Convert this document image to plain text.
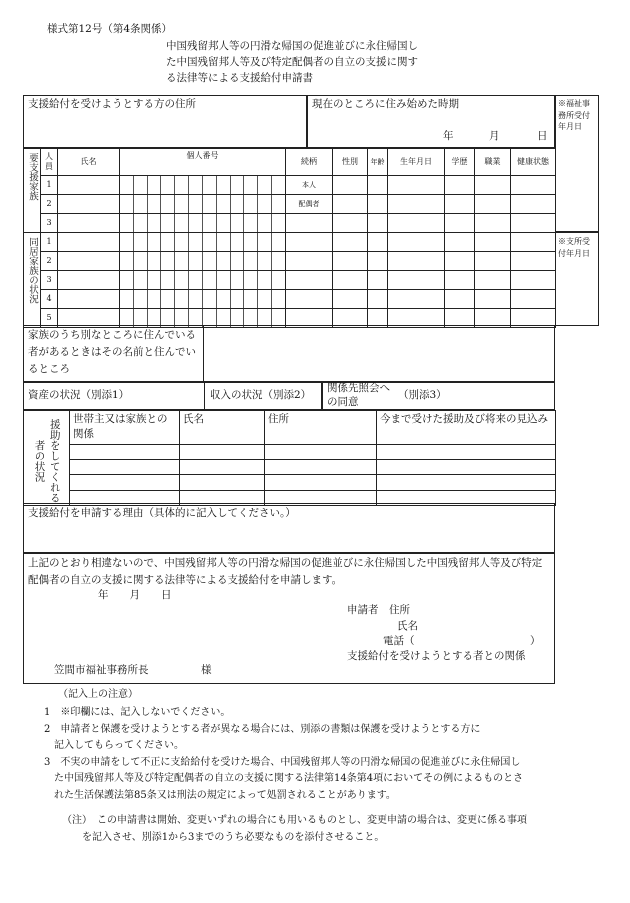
様式第12号（第4条関係）
中国残留邦人等の円滑な帰国の促進並びに永住帰国し
た中国残留邦人等及び特定配偶者の自立の支援に関す
る法律等による支援給付申請書
支援給付を受けようとする方の住所	現在のところに住み始めた時期
年	月	日
※福祉事務所受付年月日
※支所受付年月日
要支援家族	人員	氏名	個人番号	続柄	性別	年齢	生年月日	学歴	職業	健康状態
	1			本人						
	2			配偶者						
	3		

同居家族の状況	1		

	2		

	3		

	4		

	5		

家族のうち別なところに住んでいる者があるときはその名前と住んでいるところ
資産の状況（別添1）	収入の状況（別添2）
関係先照会への同意
（別添3）
援助をしてくれる者の状況	世帯主又は家族との関係	氏名	住所	今まで受けた援助及び将来の見込み

支援給付を申請する理由（具体的に記入してください。）
上記のとおり相違ないので、中国残留邦人等の円滑な帰国の促進並びに永住帰国した中国残留邦人等及び特定配偶者の自立の支援に関する法律等による支援給付を申請します。
年　　月　　日
申請者　住所
氏名
電話（　　　　　　　　　　　）
支援給付を受けようとする者との関係
笠間市福祉事務所長　　　　　様
（記入上の注意）
1　※印欄には、記入しないでください。
2　申請者と保護を受けようとする者が異なる場合には、別添の書類は保護を受けようとする方に
　記入してもらってください。
3　不実の申請をして不正に支給給付を受けた場合、中国残留邦人等の円滑な帰国の促進並びに永住帰国し
　た中国残留邦人等及び特定配偶者の自立の支援に関する法律第14条第4項においてその例によるものとさ
　れた生活保護法第85条又は刑法の規定によって処罰されることがあります。
（注）　この申請書は開始、変更いずれの場合にも用いるものとし、変更申請の場合は、変更に係る事項
を記入させ、別添1から3までのうち必要なものを添付させること。
